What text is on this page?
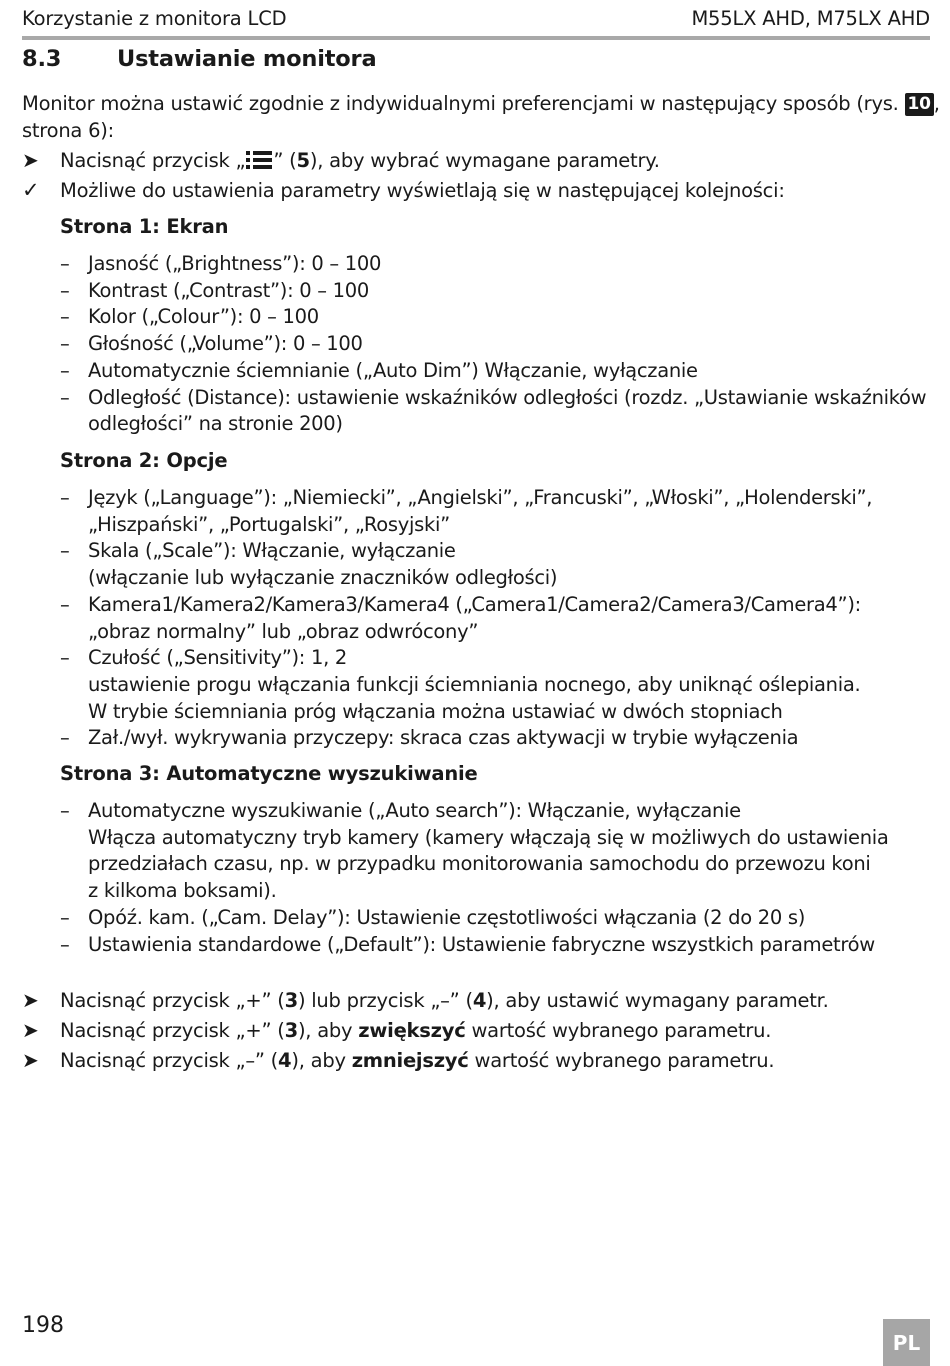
Korzystanie z monitora LCD	M55LX AHD, M75LX AHD
8.3	Ustawianie monitora
Monitor można ustawić zgodnie z indywidualnymi preferencjami w następujący sposób (rys. 10 ,
strona 6):
➤	Nacisnąć przycisk „ ” (5), aby wybrać wymagane parametry.
✓	Możliwe do ustawienia parametry wyświetlają się w następującej kolejności:
Strona 1: Ekran
– Jasność („Brightness”): 0 – 100
– Kontrast („Contrast”): 0 – 100
– Kolor („Colour”): 0 – 100
– Głośność („Volume”): 0 – 100
– Automatycznie ściemnianie („Auto Dim”) Włączanie, wyłączanie
– Odległość (Distance): ustawienie wskaźników odległości (rozdz. „Ustawianie wskaźników
odległości” na stronie 200)
Strona 2: Opcje
– Język („Language”): „Niemiecki”, „Angielski”, „Francuski”, „Włoski”, „Holenderski”,
„Hiszpański”, „Portugalski”, „Rosyjski”
– Skala („Scale”): Włączanie, wyłączanie
(włączanie lub wyłączanie znaczników odległości)
– Kamera1/Kamera2/Kamera3/Kamera4 („Camera1/Camera2/Camera3/Camera4”):
„obraz normalny” lub „obraz odwrócony”
– Czułość („Sensitivity”): 1, 2
ustawienie progu włączania funkcji ściemniania nocnego, aby uniknąć oślepiania.
W trybie ściemniania próg włączania można ustawiać w dwóch stopniach
– Zał./wył. wykrywania przyczepy: skraca czas aktywacji w trybie wyłączenia
Strona 3: Automatyczne wyszukiwanie
– Automatyczne wyszukiwanie („Auto search”): Włączanie, wyłączanie
Włącza automatyczny tryb kamery (kamery włączają się w możliwych do ustawienia
przedziałach czasu, np. w przypadku monitorowania samochodu do przewozu koni
z kilkoma boksami).
– Opóź. kam. („Cam. Delay”): Ustawienie częstotliwości włączania (2 do 20 s)
– Ustawienia standardowe („Default”): Ustawienie fabryczne wszystkich parametrów
➤	Nacisnąć przycisk „+” (3) lub przycisk „–” (4), aby ustawić wymagany parametr.
➤	Nacisnąć przycisk „+” (3), aby zwiększyć wartość wybranego parametru.
➤	Nacisnąć przycisk „–” (4), aby zmniejszyć wartość wybranego parametru.
198
PL
